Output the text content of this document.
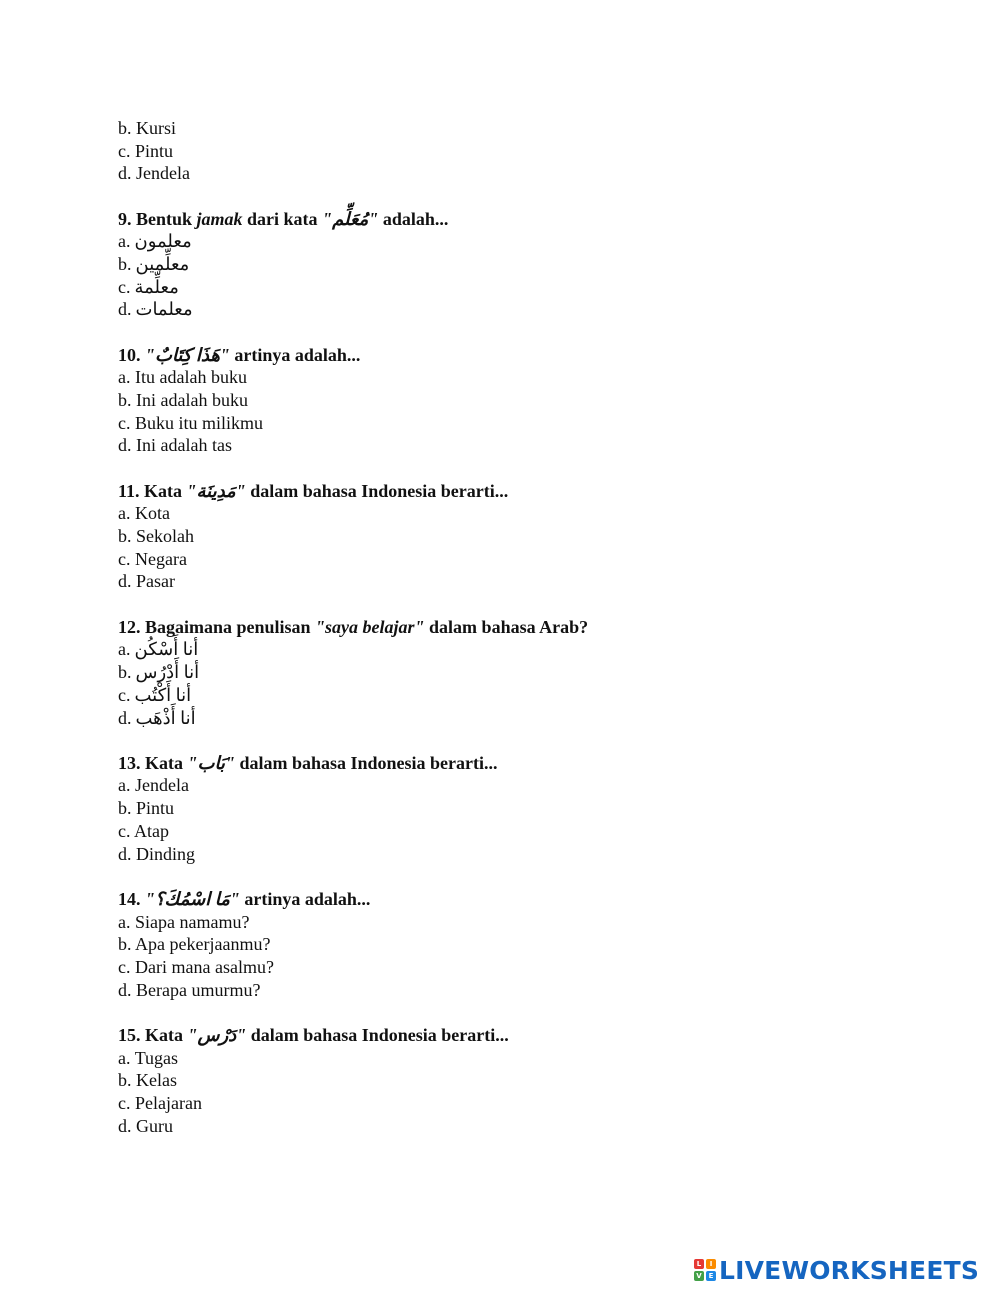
b. Kursi
c. Pintu
d. Jendela
9. Bentuk jamak dari kata "مُعَلِّم" adalah...
a. معلمون
b. معلِّمين
c. معلِّمة
d. معلمات
10. "هَذَا كِتَابٌ" artinya adalah...
a. Itu adalah buku
b. Ini adalah buku
c. Buku itu milikmu
d. Ini adalah tas
11. Kata "مَدِينَة" dalam bahasa Indonesia berarti...
a. Kota
b. Sekolah
c. Negara
d. Pasar
12. Bagaimana penulisan "saya belajar" dalam bahasa Arab?
a. أنا أَسْكُن
b. أنا أَدْرُس
c. أنا أَكْتُب
d. أنا أَذْهَب
13. Kata "بَاب" dalam bahasa Indonesia berarti...
a. Jendela
b. Pintu
c. Atap
d. Dinding
14. "مَا اسْمُكَ؟" artinya adalah...
a. Siapa namamu?
b. Apa pekerjaanmu?
c. Dari mana asalmu?
d. Berapa umurmu?
15. Kata "دَرْس" dalam bahasa Indonesia berarti...
a. Tugas
b. Kelas
c. Pelajaran
d. Guru
L	I
V E LIVEWORKSHEETS
